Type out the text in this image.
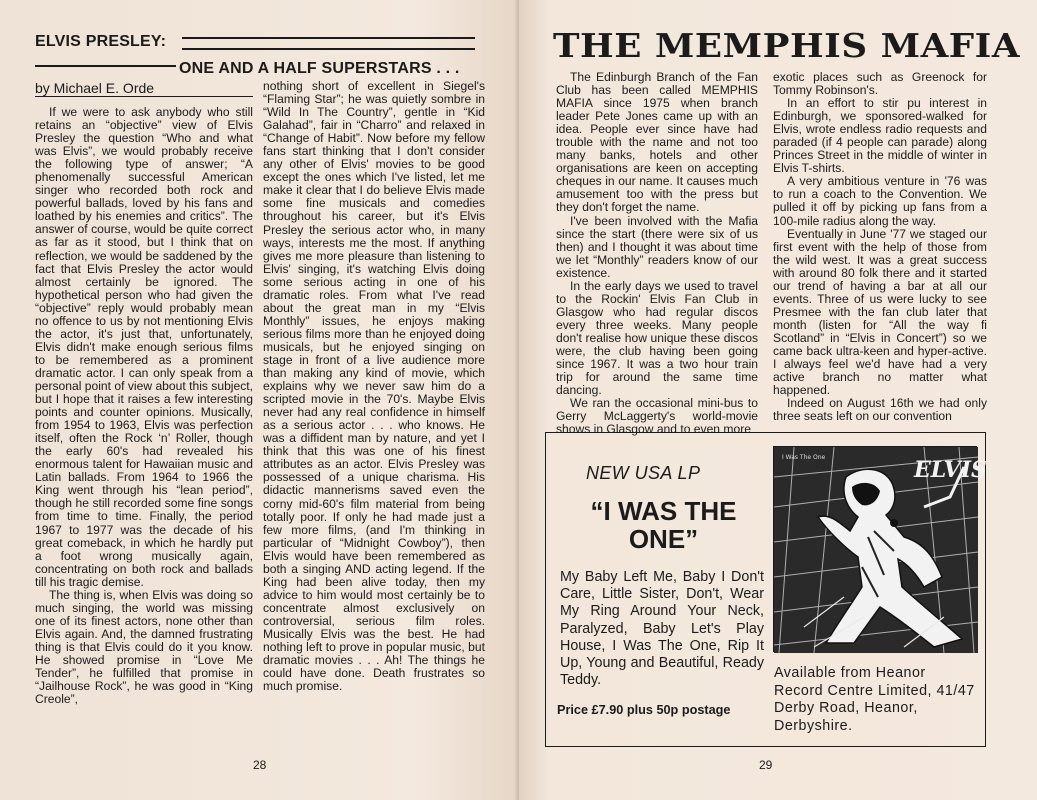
ELVIS PRESLEY:
ONE AND A HALF SUPERSTARS . . .
by Michael E. Orde

If we were to ask anybody who still retains an “objective” view of Elvis Presley the question “Who and what was Elvis”, we would probably receive the following type of answer; “A phenomenally successful American singer who recorded both rock and powerful ballads, loved by his fans and loathed by his enemies and critics”. The answer of course, would be quite correct as far as it stood, but I think that on reflection, we would be saddened by the fact that Elvis Presley the actor would almost certainly be ignored. The hypothetical person who had given the “objective” reply would probably mean no offence to us by not mentioning Elvis the actor, it's just that, unfortunately, Elvis didn't make enough serious films to be remembered as a prominent dramatic actor. I can only speak from a personal point of view about this subject, but I hope that it raises a few interesting points and counter opinions. Musically, from 1954 to 1963, Elvis was perfection itself, often the Rock ‘n’ Roller, though the early 60's had revealed his enormous talent for Hawaiian music and Latin ballads. From 1964 to 1966 the King went through his “lean period”, though he still recorded some fine songs from time to time. Finally, the period 1967 to 1977 was the decade of his great comeback, in which he hardly put a foot wrong musically again, concentrating on both rock and ballads till his tragic demise.

The thing is, when Elvis was doing so much singing, the world was missing one of its finest actors, none other than Elvis again. And, the damned frustrating thing is that Elvis could do it you know. He showed promise in “Love Me Tender”, he fulfilled that promise in “Jailhouse Rock”, he was good in “King Creole”,

nothing short of excellent in Siegel's “Flaming Star”; he was quietly sombre in “Wild In The Country”, gentle in “Kid Galahad”, fair in “Charro” and relaxed in “Change of Habit”. Now before my fellow fans start thinking that I don't consider any other of Elvis' movies to be good except the ones which I've listed, let me make it clear that I do believe Elvis made some fine musicals and comedies throughout his career, but it's Elvis Presley the serious actor who, in many ways, interests me the most. If anything gives me more pleasure than listening to Elvis' singing, it's watching Elvis doing some serious acting in one of his dramatic roles. From what I've read about the great man in my “Elvis Monthly” issues, he enjoys making serious films more than he enjoyed doing musicals, but he enjoyed singing on stage in front of a live audience more than making any kind of movie, which explains why we never saw him do a scripted movie in the 70's. Maybe Elvis never had any real confidence in himself as a serious actor . . . who knows. He was a diffident man by nature, and yet I think that this was one of his finest attributes as an actor. Elvis Presley was possessed of a unique charisma. His didactic mannerisms saved even the corny mid-60's film material from being totally poor. If only he had made just a few more films, (and I'm thinking in particular of “Midnight Cowboy”), then Elvis would have been remembered as both a singing AND acting legend. If the King had been alive today, then my advice to him would most certainly be to concentrate almost exclusively on controversial, serious film roles. Musically Elvis was the best. He had nothing left to prove in popular music, but dramatic movies . . . Ah! The things he could have done. Death frustrates so much promise.

28
THE MEMPHIS MAFIA

The Edinburgh Branch of the Fan Club has been called MEMPHIS MAFIA since 1975 when branch leader Pete Jones came up with an idea. People ever since have had trouble with the name and not too many banks, hotels and other organisations are keen on accepting cheques in our name. It causes much amusement too with the press but they don't forget the name.

I've been involved with the Mafia since the start (there were six of us then) and I thought it was about time we let “Monthly” readers know of our existence.

In the early days we used to travel to the Rockin' Elvis Fan Club in Glasgow who had regular discos every three weeks. Many people don't realise how unique these discos were, the club having been going since 1967. It was a two hour train trip for around the same time dancing.

We ran the occasional mini-bus to Gerry McLaggerty's world-movie shows in Glasgow and to even more

exotic places such as Greenock for Tommy Robinson's.

In an effort to stir pu interest in Edinburgh, we sponsored-walked for Elvis, wrote endless radio requests and paraded (if 4 people can parade) along Princes Street in the middle of winter in Elvis T-shirts.

A very ambitious venture in '76 was to run a coach to the Convention. We pulled it off by picking up fans from a 100-mile radius along the way.

Eventually in June '77 we staged our first event with the help of those from the wild west. It was a great success with around 80 folk there and it started our trend of having a bar at all our events. Three of us were lucky to see Presmee with the fan club later that month (listen for “All the way fi Scotland” in “Elvis in Concert”) so we came back ultra-keen and hyper-active. I always feel we'd have had a very active branch no matter what happened.

Indeed on August 16th we had only three seats left on our convention

NEW USA LP
“I WAS THE ONE”
My Baby Left Me, Baby I Don't Care, Little Sister, Don't, Wear My Ring Around Your Neck, Paralyzed, Baby Let's Play House, I Was The One, Rip It Up, Young and Beautiful, Ready Teddy.
Price £7.90 plus 50p postage
Available from Heanor Record Centre Limited, 41/47 Derby Road, Heanor, Derbyshire.
ELVIS
I Was The One
29
